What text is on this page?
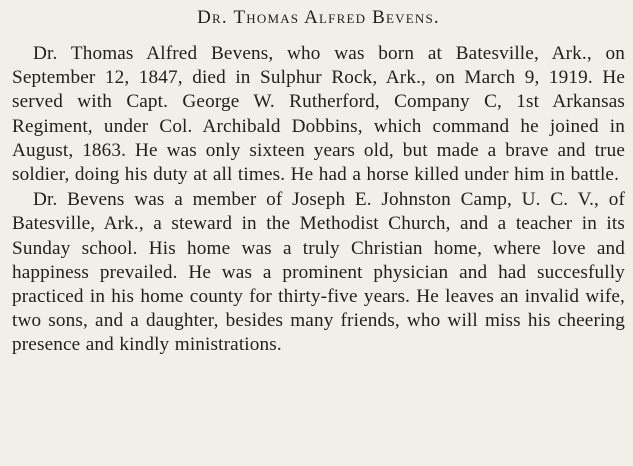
Dr. Thomas Alfred Bevens.

Dr. Thomas Alfred Bevens, who was born at Batesville, Ark., on September 12, 1847, died in Sulphur Rock, Ark., on March 9, 1919. He served with Capt. George W. Rutherford, Company C, 1st Arkansas Regiment, under Col. Archibald Dobbins, which command he joined in August, 1863. He was only sixteen years old, but made a brave and true soldier, doing his duty at all times. He had a horse killed under him in battle.

Dr. Bevens was a member of Joseph E. Johnston Camp, U. C. V., of Batesville, Ark., a steward in the Methodist Church, and a teacher in its Sunday school. His home was a truly Christian home, where love and happiness prevailed. He was a prominent physician and had succesfully practiced in his home county for thirty-five years. He leaves an invalid wife, two sons, and a daughter, besides many friends, who will miss his cheering presence and kindly ministrations.
